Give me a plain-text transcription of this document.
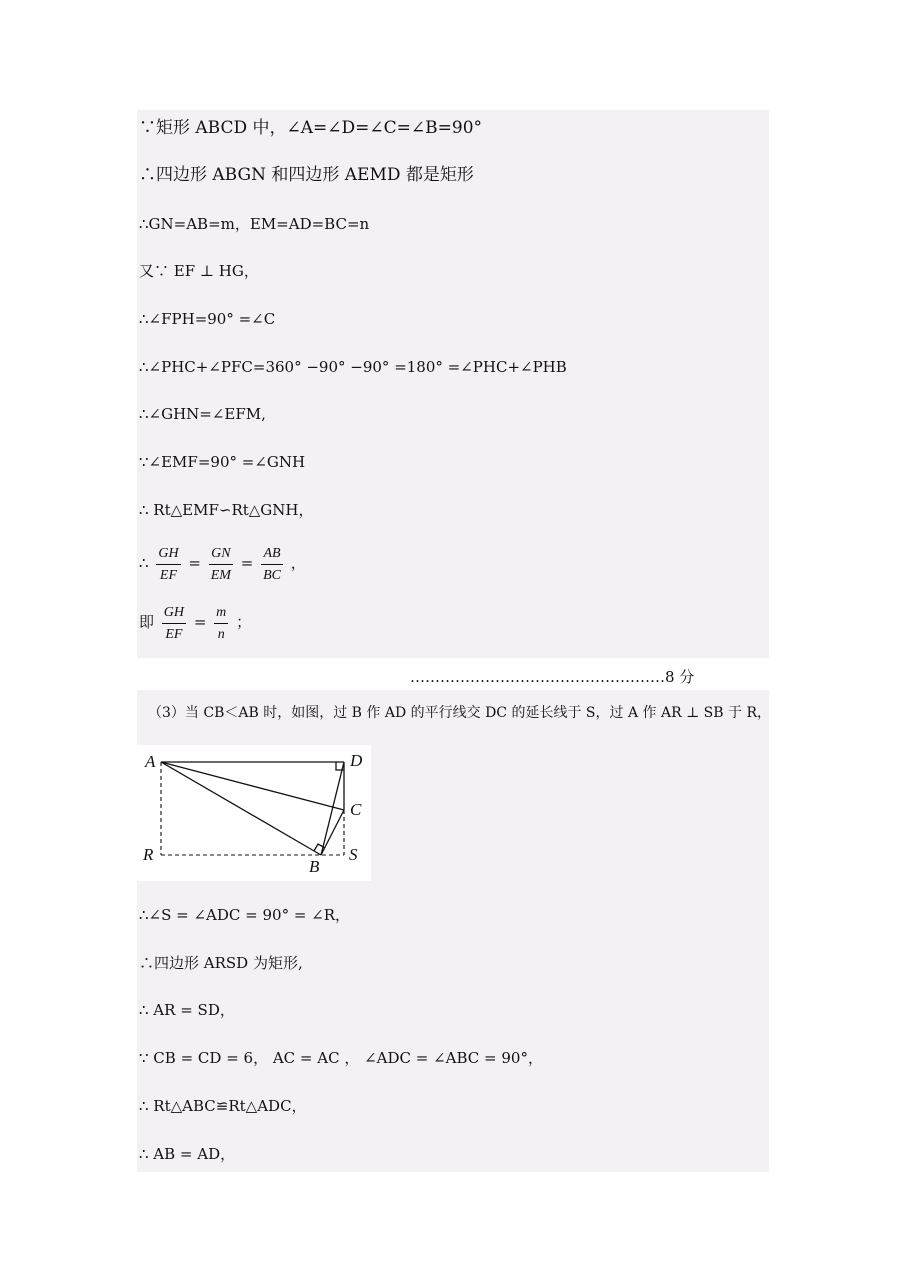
∵矩形 ABCD 中，∠A=∠D=∠C=∠B=90°
∴四边形 ABGN 和四边形 AEMD 都是矩形
∴GN=AB=m，EM=AD=BC=n
又∵ EF ⊥ HG，
∴∠FPH=90° =∠C
∴∠PHC+∠PFC=360° −90° −90° =180° =∠PHC+∠PHB
∴∠GHN=∠EFM,
∵∠EMF=90° =∠GNH
∴ Rt△EMF∽Rt△GNH，
∴ $\frac{GH}{EF} = \frac{GN}{EM} = \frac{AB}{BC}$ ，
即 $\frac{GH}{EF} = \frac{m}{n}$ ；
……………………………………………8 分
（3）当 CB＜AB 时，如图，过 B 作 AD 的平行线交 DC 的延长线于 S，过 A 作 AR ⊥ SB 于 R，
A	D
C
R
B
S
∴∠S = ∠ADC = 90° = ∠R，
∴四边形 ARSD 为矩形,
∴ AR = SD，
∵ CB = CD = 6， AC = AC ， ∠ADC = ∠ABC = 90°，
∴ Rt△ABC≌Rt△ADC，
∴ AB = AD，
